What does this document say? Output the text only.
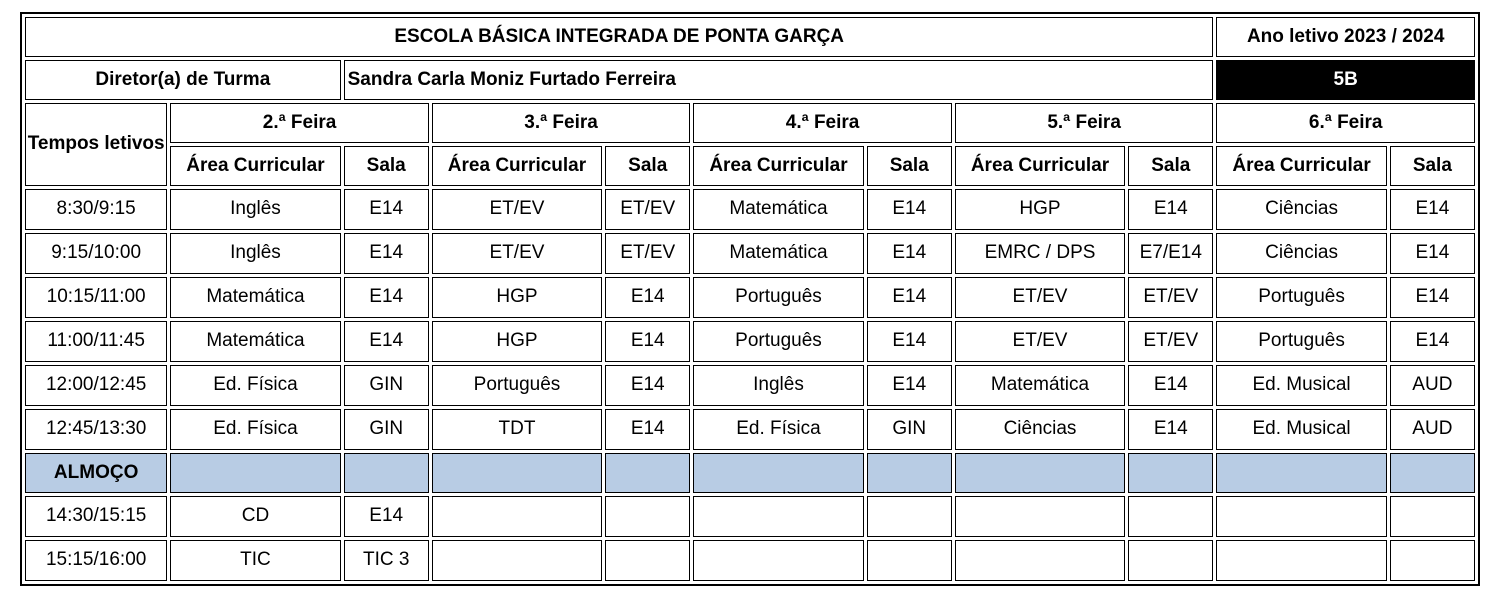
ESCOLA BÁSICA INTEGRADA DE PONTA GARÇA									Ano letivo 2023 / 2024	
Diretor(a) de Turma		Sandra Carla Moniz Furtado Ferreira							5B	
Tempos letivos	2.ª Feira		3.ª Feira		4.ª Feira		5.ª Feira		6.ª Feira	
	Área Curricular	Sala	Área Curricular	Sala	Área Curricular	Sala	Área Curricular	Sala	Área Curricular	Sala
8:30/9:15	Inglês	E14	ET/EV	ET/EV	Matemática	E14	HGP	E14	Ciências	E14
9:15/10:00	Inglês	E14	ET/EV	ET/EV	Matemática	E14	EMRC / DPS	E7/E14	Ciências	E14
10:15/11:00	Matemática	E14	HGP	E14	Português	E14	ET/EV	ET/EV	Português	E14
11:00/11:45	Matemática	E14	HGP	E14	Português	E14	ET/EV	ET/EV	Português	E14
12:00/12:45	Ed. Física	GIN	Português	E14	Inglês	E14	Matemática	E14	Ed. Musical	AUD
12:45/13:30	Ed. Física	GIN	TDT	E14	Ed. Física	GIN	Ciências	E14	Ed. Musical	AUD
ALMOÇO										
14:30/15:15	CD	E14								
15:15/16:00	TIC	TIC 3								
